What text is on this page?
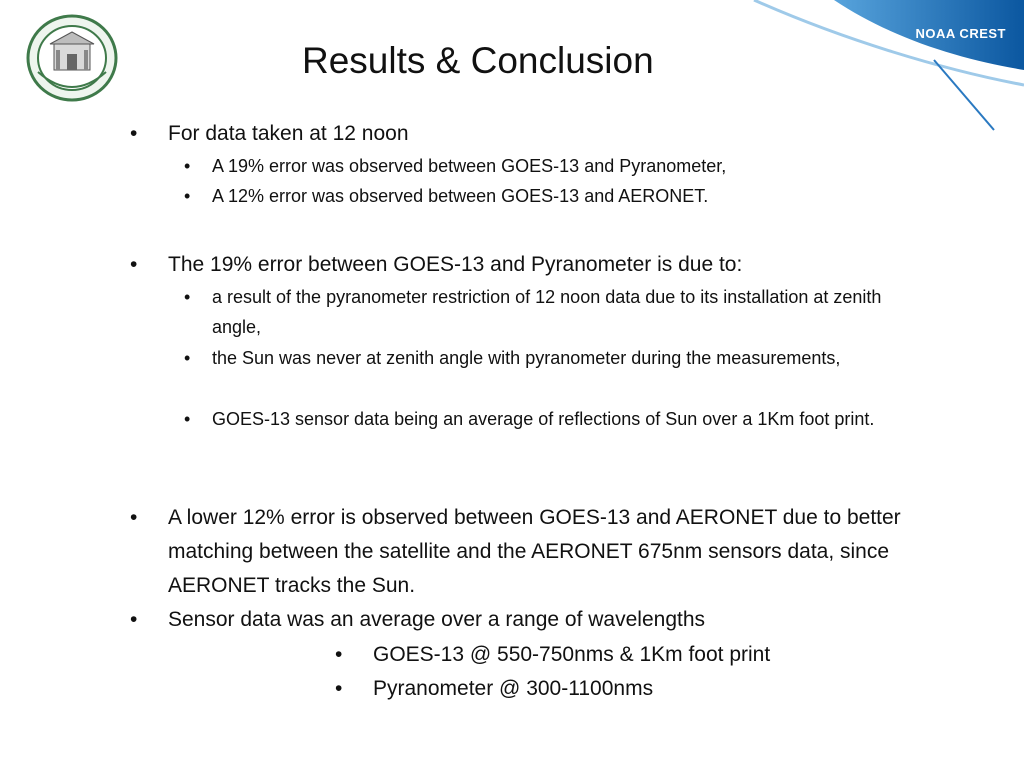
NOAA CREST
Results & Conclusion
• For data taken at 12 noon
• A 19% error was observed between GOES-13 and Pyranometer,
• A 12% error was observed between GOES-13 and AERONET.
• The 19% error between GOES-13 and Pyranometer is due to:
• a result of the pyranometer restriction of 12 noon data due to its installation at zenith angle,
• the Sun was never at zenith angle with pyranometer during the measurements,
• GOES-13 sensor data being an average of reflections of Sun over a 1Km foot print.
• A lower 12% error is observed between GOES-13 and AERONET due to better matching between the satellite and the AERONET 675nm sensors data, since AERONET tracks the Sun.
• Sensor data was an average over a range of wavelengths
• GOES-13 @ 550-750nms & 1Km foot print
• Pyranometer @ 300-1100nms
